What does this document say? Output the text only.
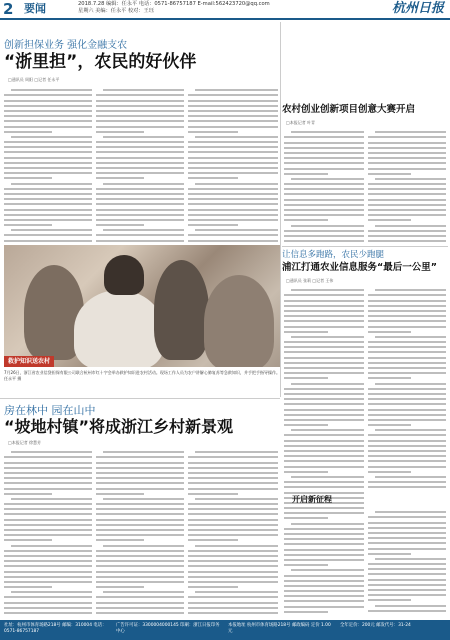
2 要闻	2018.7.28 编辑：任永平 电话：0571-86757187 E-mail:562423720@qq.com
星期六 美编：任永平 校对：王珏	杭州日报
创新担保业务 强化金融支农
“浙里担”，农民的好伙伴
□通讯员 周阳 □记者 任永平
救护知识送农村
7月26日，浙江省农业信贷担保有限公司联合杭州市红十字会举办救护知识进农村活动。现场工作人员为农户讲解心肺复苏等急救知识，并手把手指导操作。 任永平 摄
农村创业创新项目创意大赛开启
□本报记者 叶青
让信息多跑路，农民少跑腿
浦江打通农业信息服务“最后一公里”
□通讯员 张莉 □记者 王伟
开启新征程
房在林中 园在山中
“坡地村镇”将成浙江乡村新景观
□本报记者 徐慧芳
社址：杭州市体育场路218号 邮编：310004 电话：0571-86757187
广告许可证：3300004000145 印刷：浙江日报印务中心
本报地址 杭州市体育场路218号 邮政编码 定价 1.00元
全年定价：200元 邮发代号：31-24
